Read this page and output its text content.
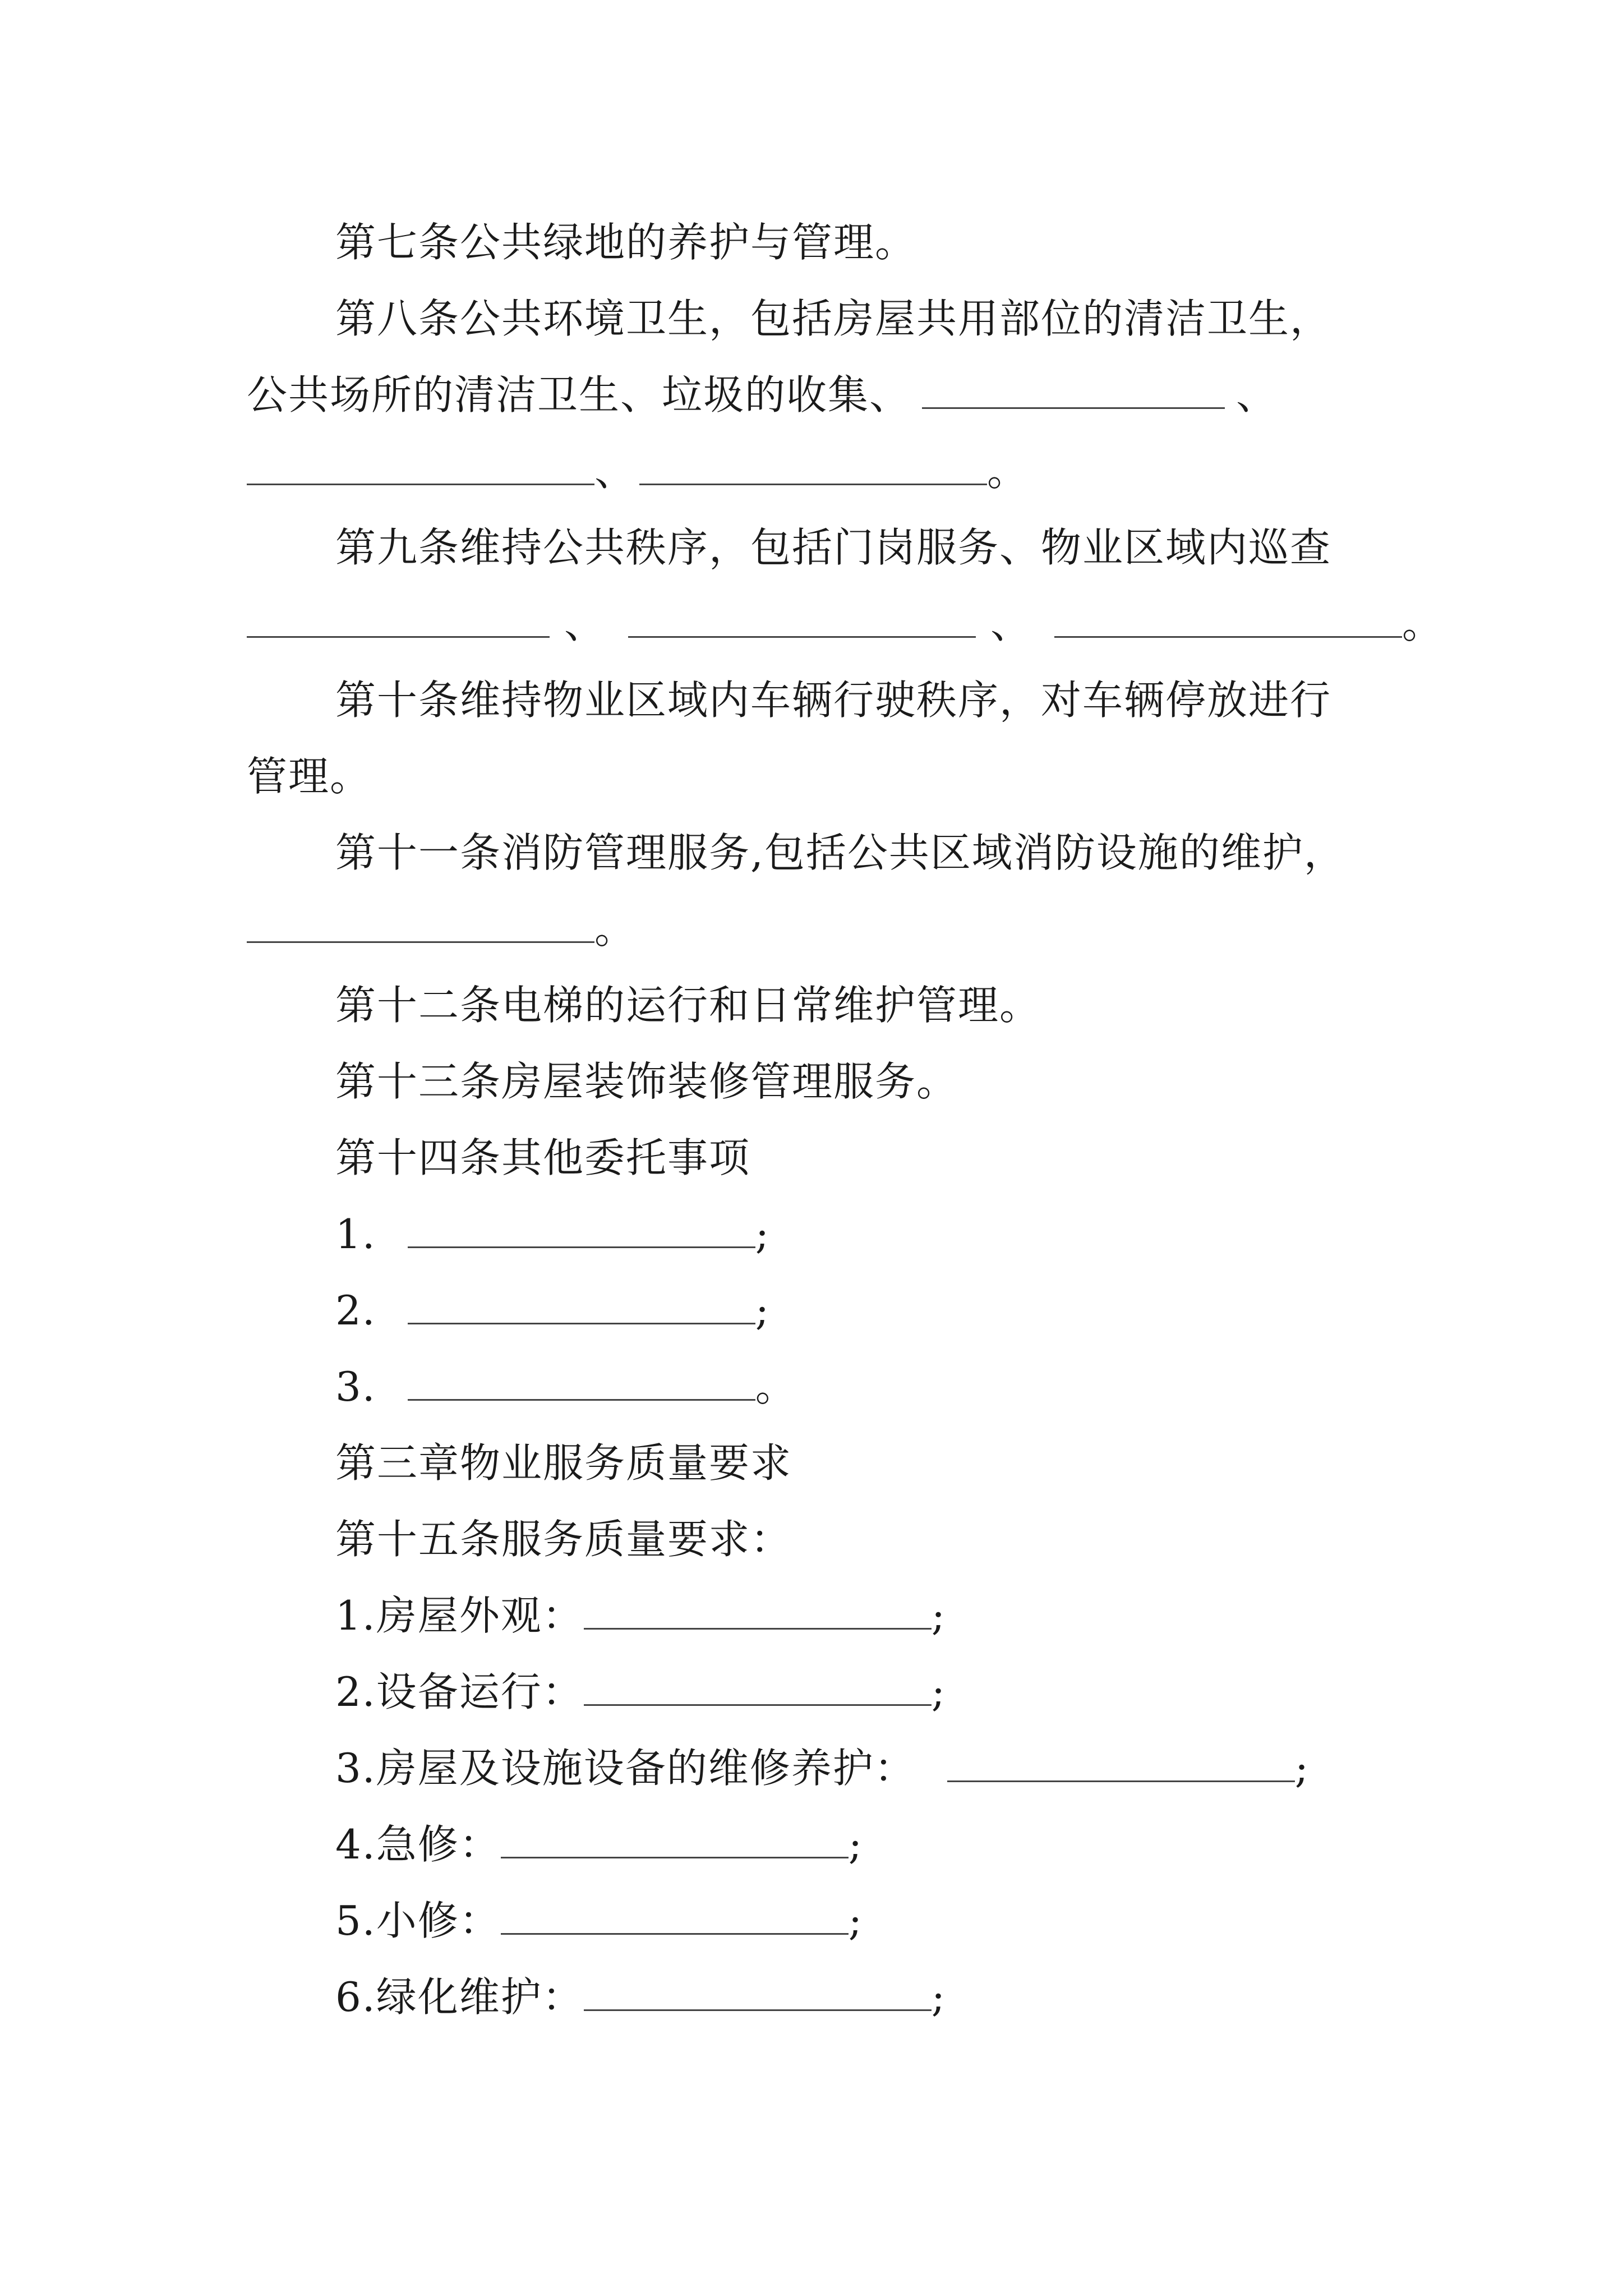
第七条公共绿地的养护与管理。
第八条公共环境卫生，包括房屋共用部位的清洁卫生，
公共场所的清洁卫生、垃圾的收集、	、
、	。
第九条维持公共秩序，包括门岗服务、物业区域内巡查
、	、	。
第十条维持物业区域内车辆行驶秩序，对车辆停放进行
管理。
第十一条消防管理服务,包括公共区域消防设施的维护，
。
第十二条电梯的运行和日常维护管理。
第十三条房屋装饰装修管理服务。
第十四条其他委托事项
1.	;
2.	;
3.	。
第三章物业服务质量要求
第十五条服务质量要求：
1.房屋外观：	;
2.设备运行：	;
3.房屋及设施设备的维修养护：	;
4.急修：	;
5.小修：	;
6.绿化维护：	;
